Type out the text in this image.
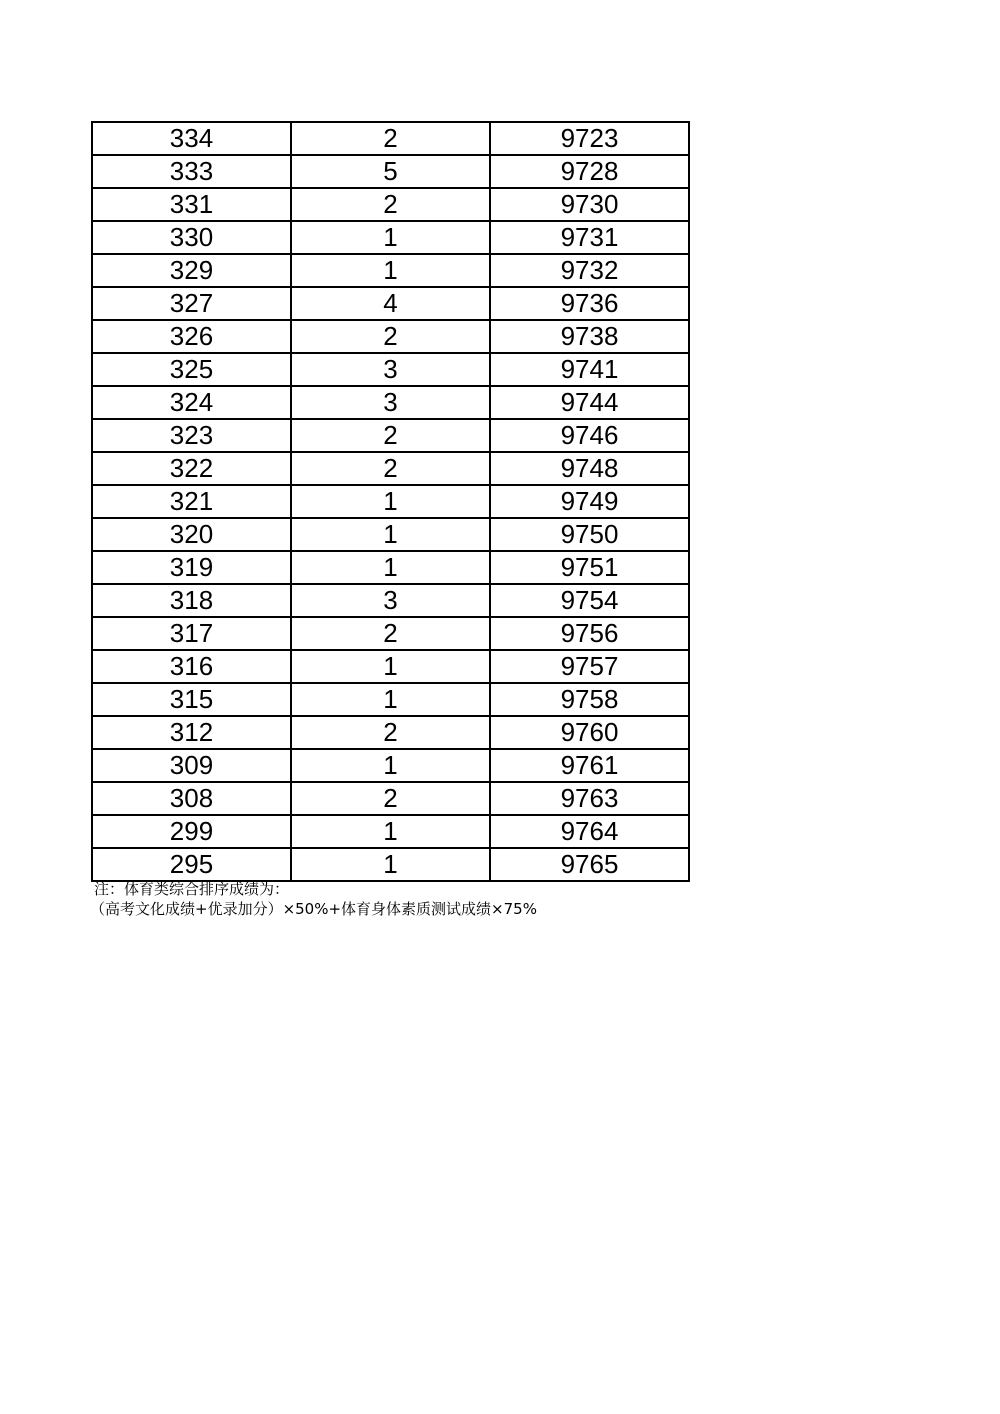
334	2	9723
333	5	9728
331	2	9730
330	1	9731
329	1	9732
327	4	9736
326	2	9738
325	3	9741
324	3	9744
323	2	9746
322	2	9748
321	1	9749
320	1	9750
319	1	9751
318	3	9754
317	2	9756
316	1	9757
315	1	9758
312	2	9760
309	1	9761
308	2	9763
299	1	9764
295	1	9765
注：体育类综合排序成绩为：
（高考文化成绩+优录加分）×50%+体育身体素质测试成绩×75%
